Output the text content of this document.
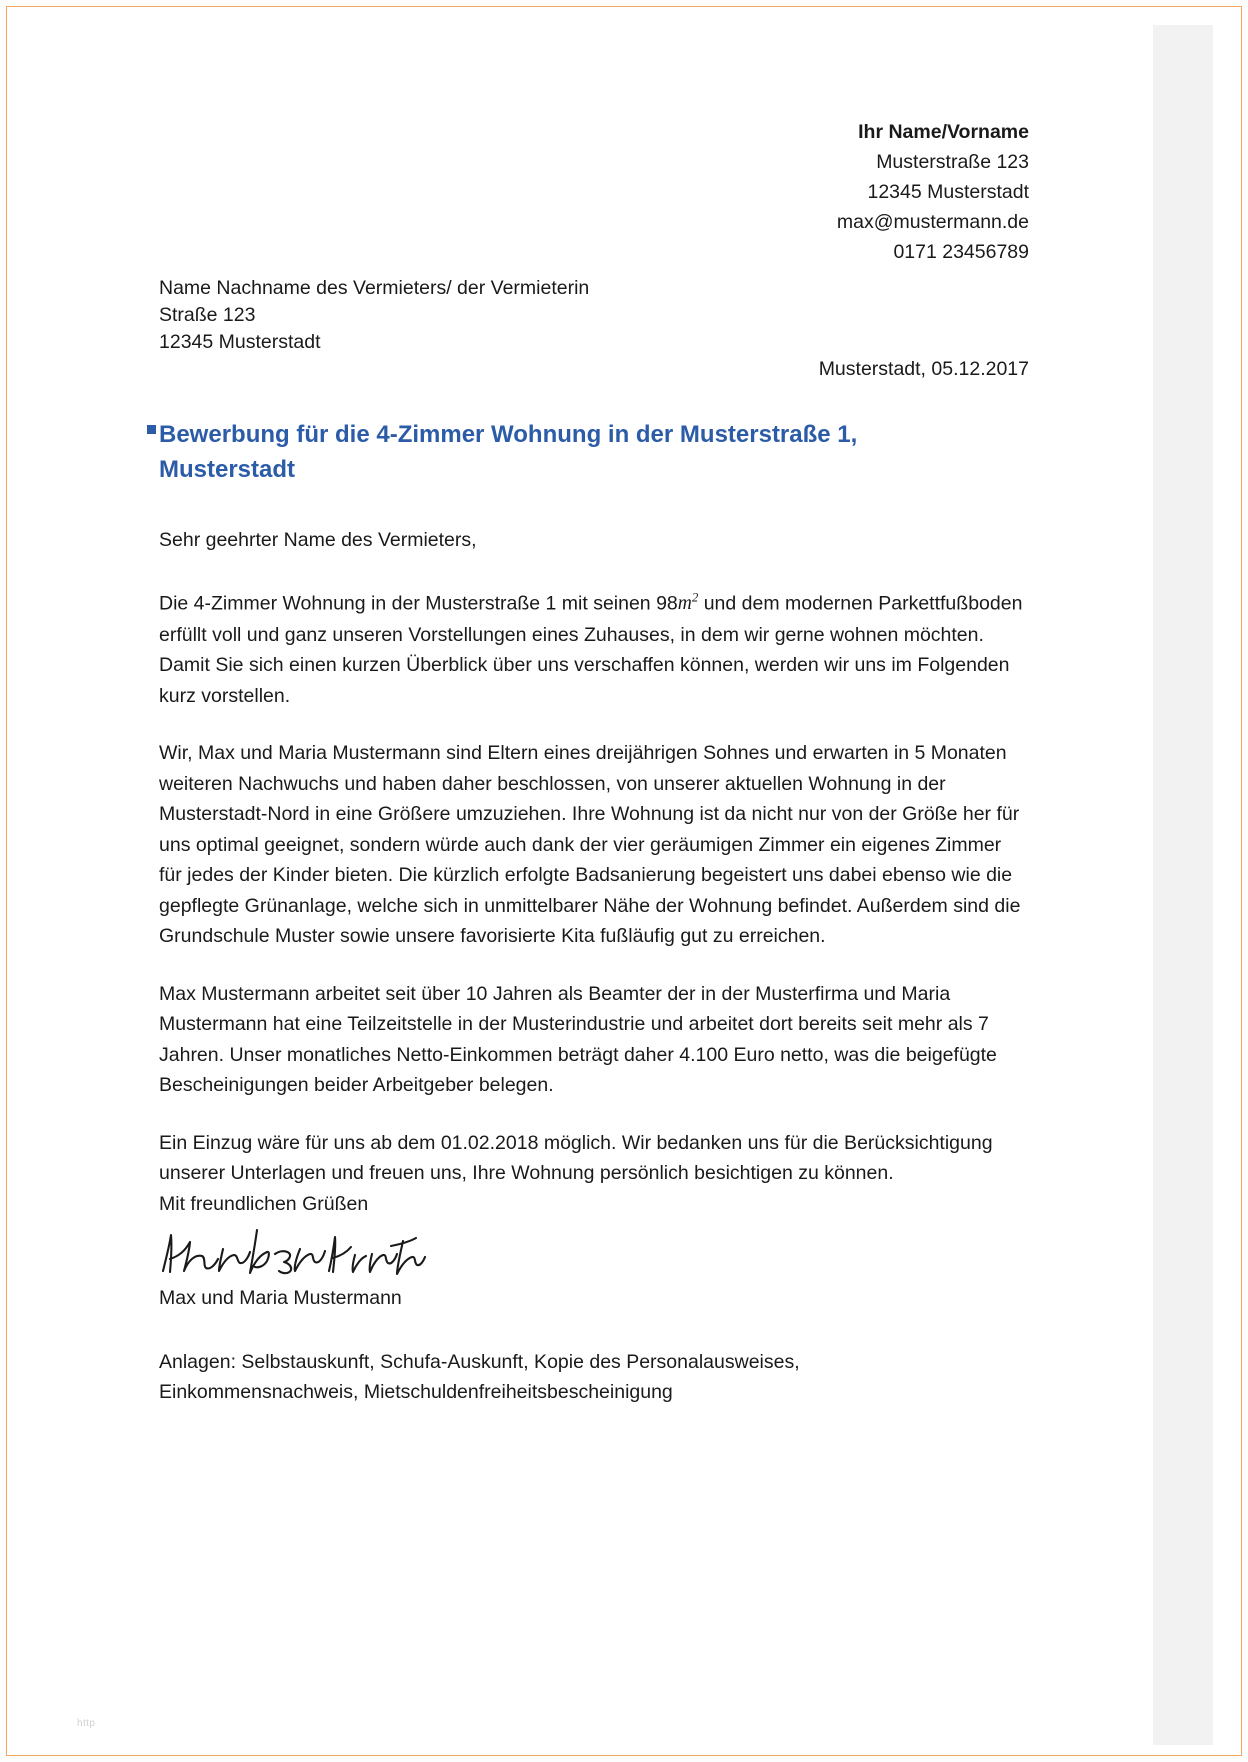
Ihr Name/Vorname
Musterstraße 123
12345 Musterstadt
max@mustermann.de
0171 23456789
Name Nachname des Vermieters/ der Vermieterin
Straße 123
12345 Musterstadt
Musterstadt, 05.12.2017
Bewerbung für die 4-Zimmer Wohnung in der Musterstraße 1, Musterstadt

Sehr geehrter Name des Vermieters,

Die 4-Zimmer Wohnung in der Musterstraße 1 mit seinen $98m^2$ und dem modernen Parkettfußboden erfüllt voll und ganz unseren Vorstellungen eines Zuhauses, in dem wir gerne wohnen möchten. Damit Sie sich einen kurzen Überblick über uns verschaffen können, werden wir uns im Folgenden kurz vorstellen.

Wir, Max und Maria Mustermann sind Eltern eines dreijährigen Sohnes und erwarten in 5 Monaten weiteren Nachwuchs und haben daher beschlossen, von unserer aktuellen Wohnung in der Musterstadt-Nord in eine Größere umzuziehen. Ihre Wohnung ist da nicht nur von der Größe her für uns optimal geeignet, sondern würde auch dank der vier geräumigen Zimmer ein eigenes Zimmer für jedes der Kinder bieten. Die kürzlich erfolgte Badsanierung begeistert uns dabei ebenso wie die gepflegte Grünanlage, welche sich in unmittelbarer Nähe der Wohnung befindet. Außerdem sind die Grundschule Muster sowie unsere favorisierte Kita fußläufig gut zu erreichen.

Max Mustermann arbeitet seit über 10 Jahren als Beamter der in der Musterfirma und Maria Mustermann hat eine Teilzeitstelle in der Musterindustrie und arbeitet dort bereits seit mehr als 7 Jahren. Unser monatliches Netto-Einkommen beträgt daher 4.100 Euro netto, was die beigefügte Bescheinigungen beider Arbeitgeber belegen.

Ein Einzug wäre für uns ab dem 01.02.2018 möglich. Wir bedanken uns für die Berücksichtigung unserer Unterlagen und freuen uns, Ihre Wohnung persönlich besichtigen zu können.

Mit freundlichen Grüßen

Max und Maria Mustermann
Anlagen: Selbstauskunft, Schufa-Auskunft, Kopie des Personalausweises,
Einkommensnachweis, Mietschuldenfreiheitsbescheinigung
http
